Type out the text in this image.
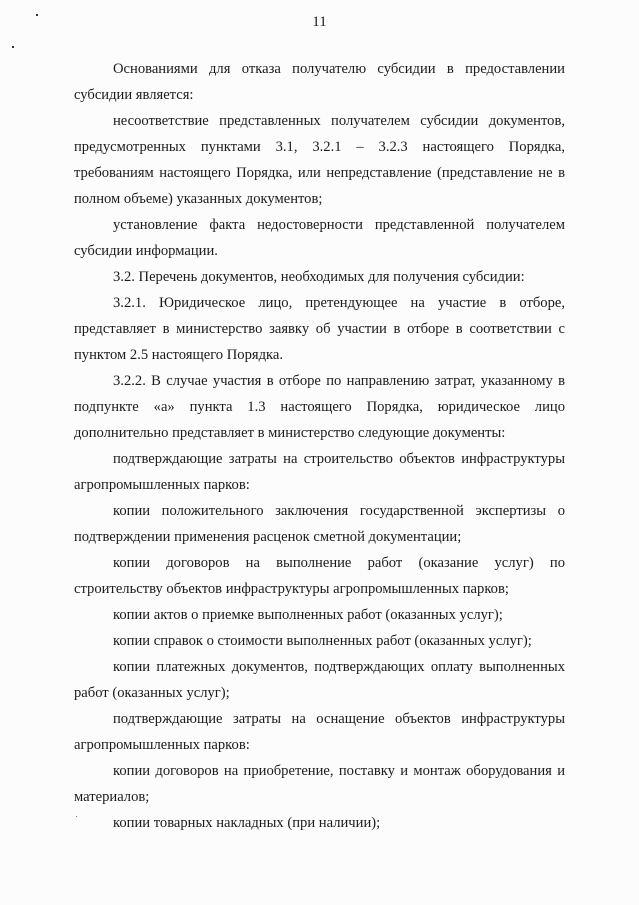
11

Основаниями для отказа получателю субсидии в предоставлении субсидии является:

несоответствие представленных получателем субсидии документов, предусмотренных пунктами 3.1, 3.2.1 – 3.2.3 настоящего Порядка, требованиям настоящего Порядка, или непредставление (представление не в полном объеме) указанных документов;

установление факта недостоверности представленной получателем субсидии информации.

3.2. Перечень документов, необходимых для получения субсидии:

3.2.1. Юридическое лицо, претендующее на участие в отборе, представляет в министерство заявку об участии в отборе в соответствии с пунктом 2.5 настоящего Порядка.

3.2.2. В случае участия в отборе по направлению затрат, указанному в подпункте «а» пункта 1.3 настоящего Порядка, юридическое лицо дополнительно представляет в министерство следующие документы:

подтверждающие затраты на строительство объектов инфраструктуры агропромышленных парков:

копии положительного заключения государственной экспертизы о подтверждении применения расценок сметной документации;

копии договоров на выполнение работ (оказание услуг) по строительству объектов инфраструктуры агропромышленных парков;

копии актов о приемке выполненных работ (оказанных услуг);

копии справок о стоимости выполненных работ (оказанных услуг);

копии платежных документов, подтверждающих оплату выполненных работ (оказанных услуг);

подтверждающие затраты на оснащение объектов инфраструктуры агропромышленных парков:

копии договоров на приобретение, поставку и монтаж оборудования и материалов;

копии товарных накладных (при наличии);
